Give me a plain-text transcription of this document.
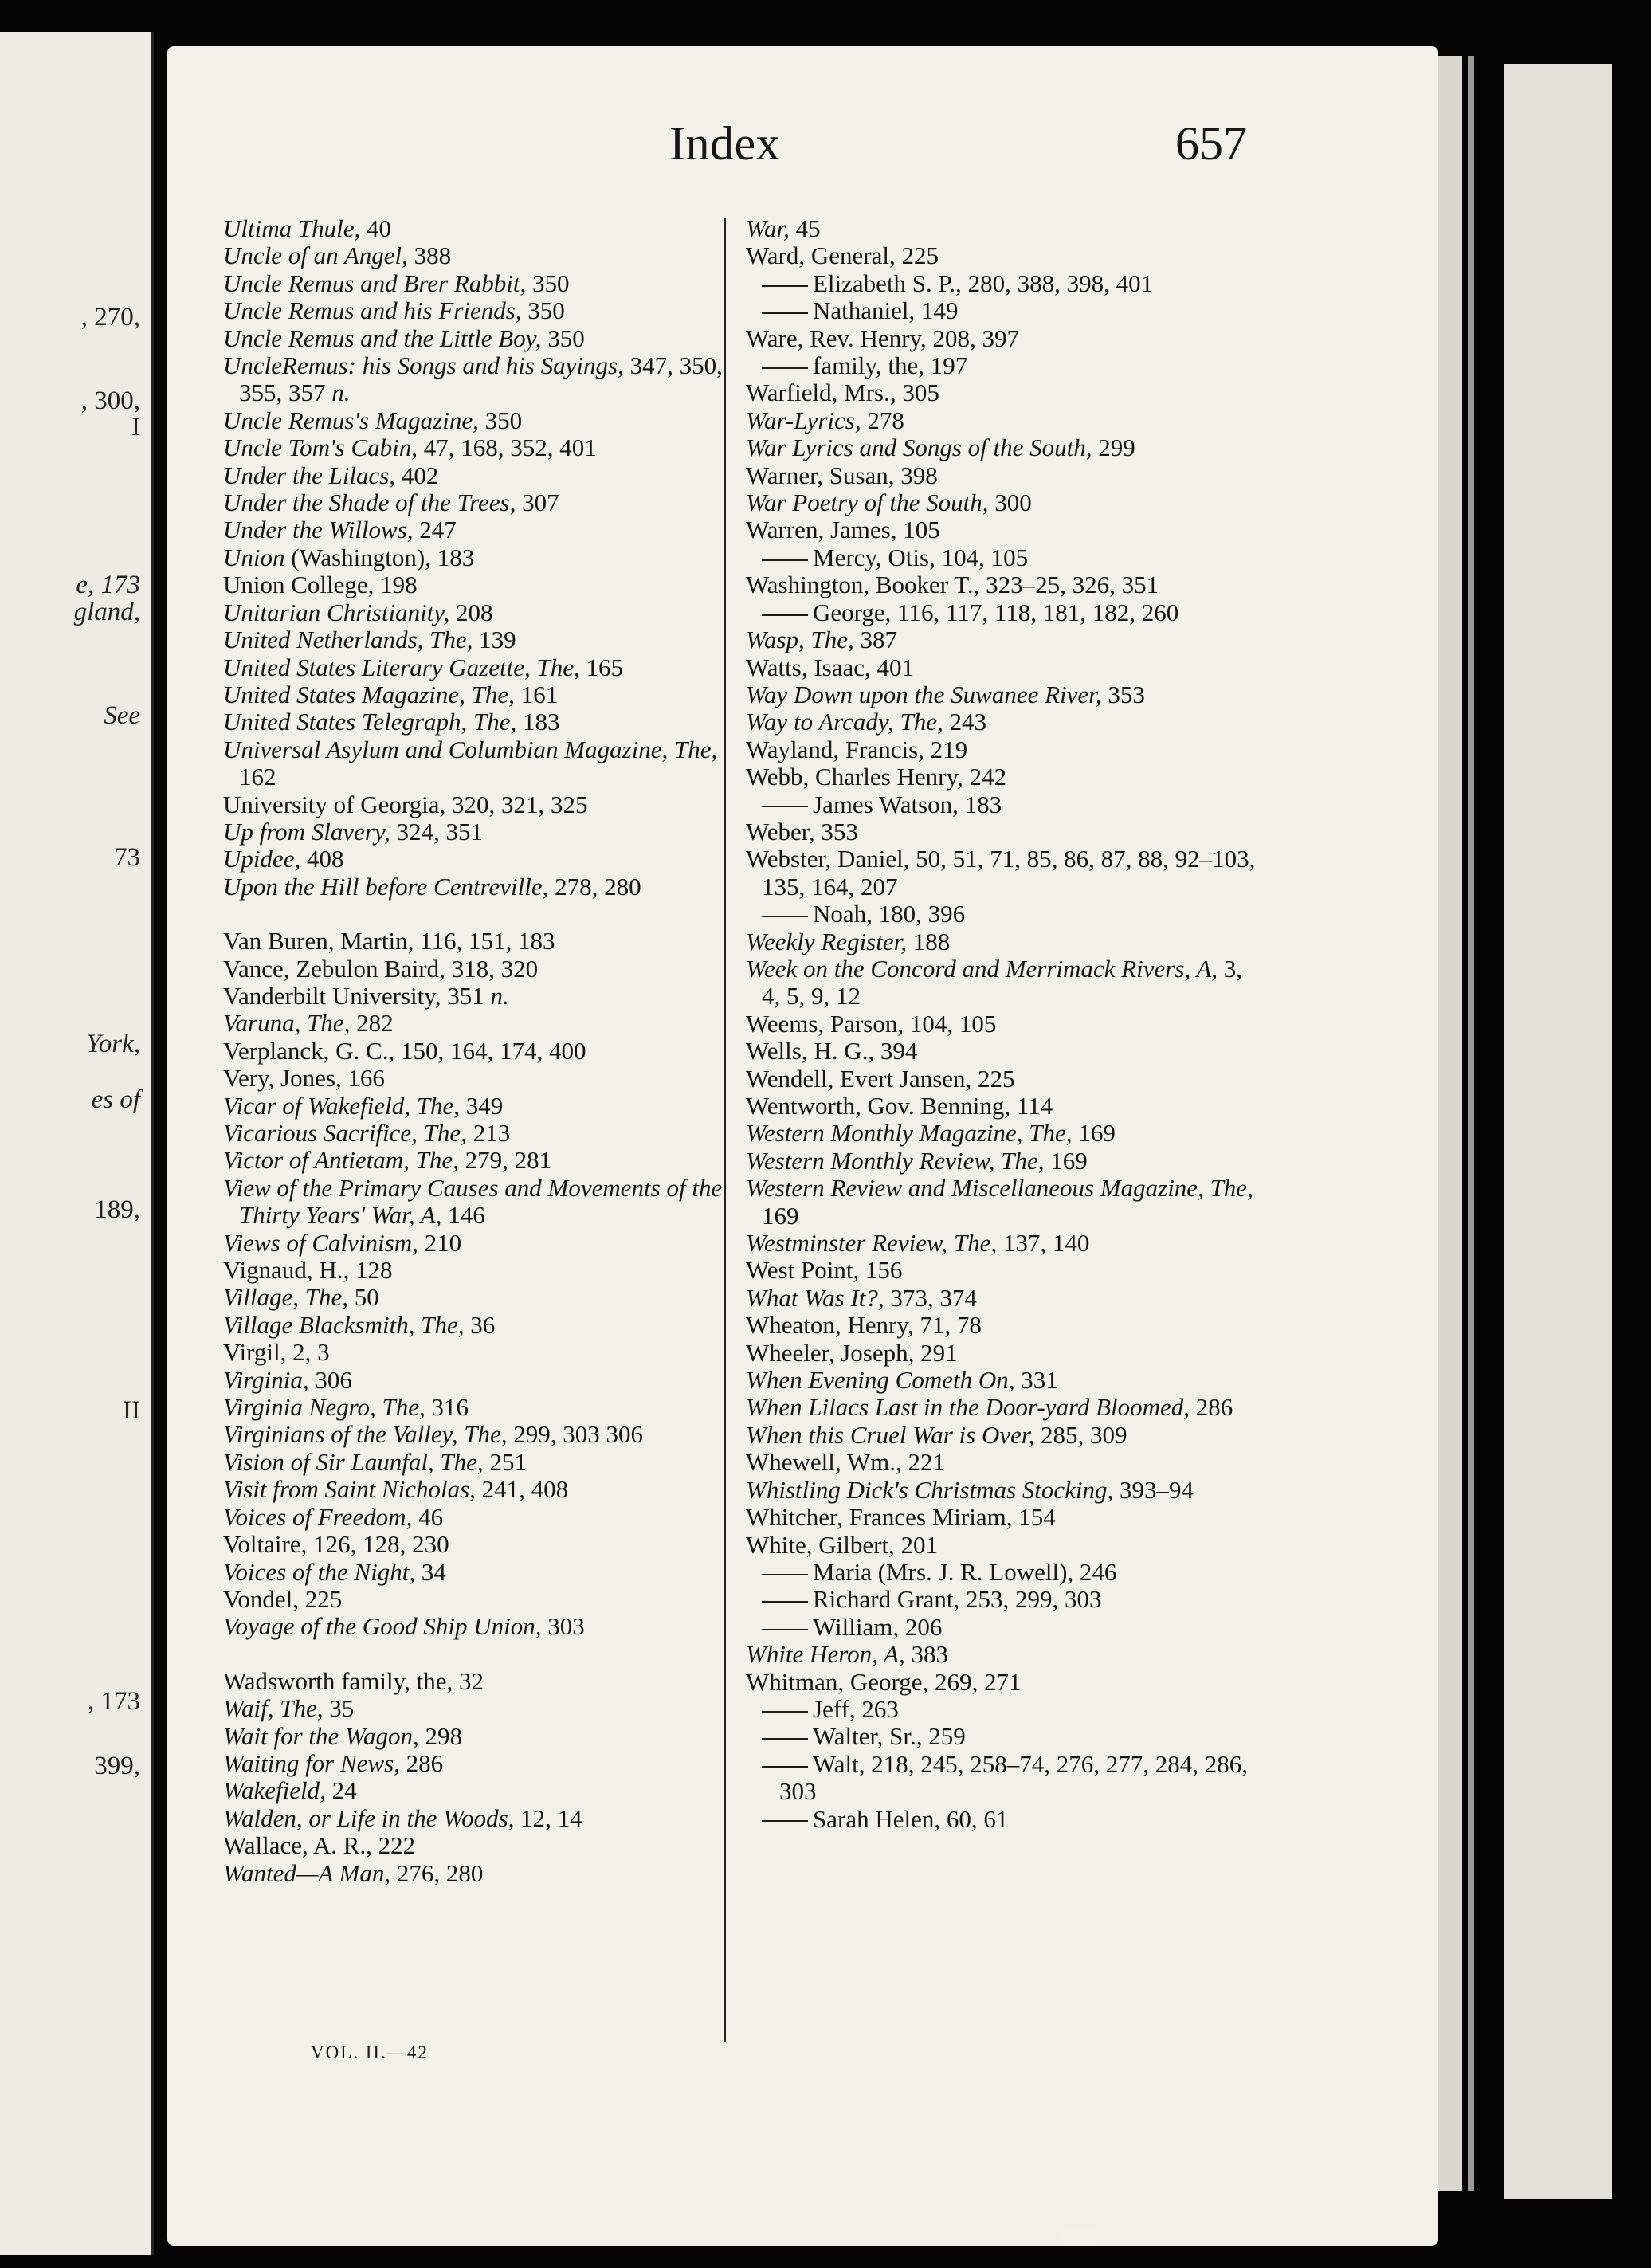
, 270,
, 300,
I
e, 173
gland,
See
73
York,
es of
189,
II
, 173
399,
Index	657
Ultima Thule, 40
Uncle of an Angel, 388
Uncle Remus and Brer Rabbit, 350
Uncle Remus and his Friends, 350
Uncle Remus and the Little Boy, 350
UncleRemus: his Songs and his Sayings, 347, 350, 355, 357 n.
Uncle Remus's Magazine, 350
Uncle Tom's Cabin, 47, 168, 352, 401
Under the Lilacs, 402
Under the Shade of the Trees, 307
Under the Willows, 247
Union (Washington), 183
Union College, 198
Unitarian Christianity, 208
United Netherlands, The, 139
United States Literary Gazette, The, 165
United States Magazine, The, 161
United States Telegraph, The, 183
Universal Asylum and Columbian Magazine, The, 162
University of Georgia, 320, 321, 325
Up from Slavery, 324, 351
Upidee, 408
Upon the Hill before Centreville, 278, 280
Van Buren, Martin, 116, 151, 183
Vance, Zebulon Baird, 318, 320
Vanderbilt University, 351 n.
Varuna, The, 282
Verplanck, G. C., 150, 164, 174, 400
Very, Jones, 166
Vicar of Wakefield, The, 349
Vicarious Sacrifice, The, 213
Victor of Antietam, The, 279, 281
View of the Primary Causes and Movements of the Thirty Years' War, A, 146
Views of Calvinism, 210
Vignaud, H., 128
Village, The, 50
Village Blacksmith, The, 36
Virgil, 2, 3
Virginia, 306
Virginia Negro, The, 316
Virginians of the Valley, The, 299, 303 306
Vision of Sir Launfal, The, 251
Visit from Saint Nicholas, 241, 408
Voices of Freedom, 46
Voltaire, 126, 128, 230
Voices of the Night, 34
Vondel, 225
Voyage of the Good Ship Union, 303
Wadsworth family, the, 32
Waif, The, 35
Wait for the Wagon, 298
Waiting for News, 286
Wakefield, 24
Walden, or Life in the Woods, 12, 14
Wallace, A. R., 222
Wanted—A Man, 276, 280
War, 45
Ward, General, 225
Elizabeth S. P., 280, 388, 398, 401
Nathaniel, 149
Ware, Rev. Henry, 208, 397
family, the, 197
Warfield, Mrs., 305
War-Lyrics, 278
War Lyrics and Songs of the South, 299
Warner, Susan, 398
War Poetry of the South, 300
Warren, James, 105
Mercy, Otis, 104, 105
Washington, Booker T., 323–25, 326, 351
George, 116, 117, 118, 181, 182, 260
Wasp, The, 387
Watts, Isaac, 401
Way Down upon the Suwanee River, 353
Way to Arcady, The, 243
Wayland, Francis, 219
Webb, Charles Henry, 242
James Watson, 183
Weber, 353
Webster, Daniel, 50, 51, 71, 85, 86, 87, 88, 92–103, 135, 164, 207
Noah, 180, 396
Weekly Register, 188
Week on the Concord and Merrimack Rivers, A, 3, 4, 5, 9, 12
Weems, Parson, 104, 105
Wells, H. G., 394
Wendell, Evert Jansen, 225
Wentworth, Gov. Benning, 114
Western Monthly Magazine, The, 169
Western Monthly Review, The, 169
Western Review and Miscellaneous Magazine, The, 169
Westminster Review, The, 137, 140
West Point, 156
What Was It?, 373, 374
Wheaton, Henry, 71, 78
Wheeler, Joseph, 291
When Evening Cometh On, 331
When Lilacs Last in the Door-yard Bloomed, 286
When this Cruel War is Over, 285, 309
Whewell, Wm., 221
Whistling Dick's Christmas Stocking, 393–94
Whitcher, Frances Miriam, 154
White, Gilbert, 201
Maria (Mrs. J. R. Lowell), 246
Richard Grant, 253, 299, 303
William, 206
White Heron, A, 383
Whitman, George, 269, 271
Jeff, 263
Walter, Sr., 259
Walt, 218, 245, 258–74, 276, 277, 284, 286, 303
Sarah Helen, 60, 61
VOL. II.—42
